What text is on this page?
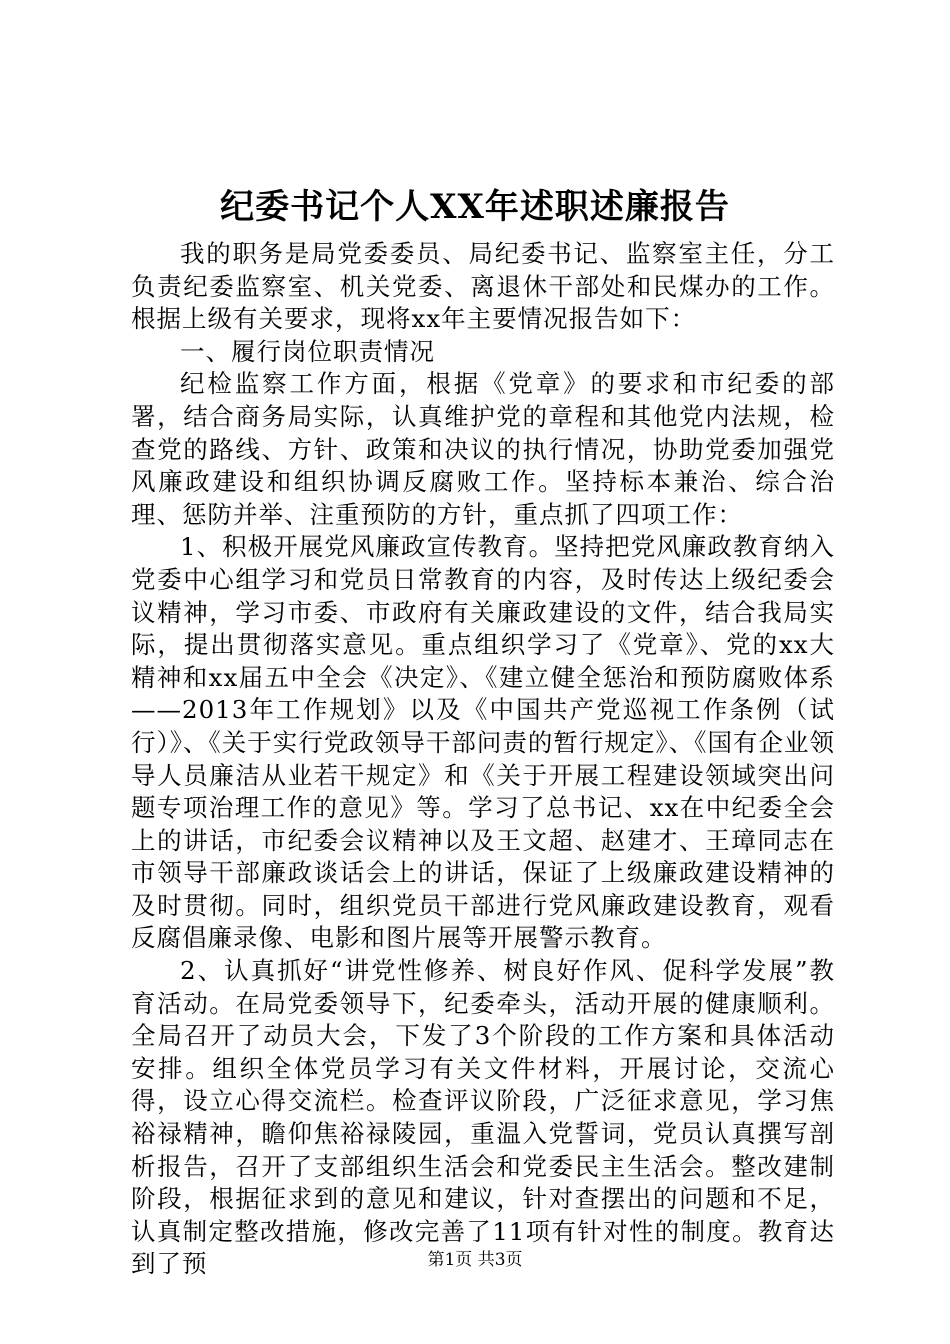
纪委书记个人XX年述职述廉报告

我的职务是局党委委员、局纪委书记、监察室主任，分工负责纪委监察室、机关党委、离退休干部处和民煤办的工作。根据上级有关要求，现将xx年主要情况报告如下：

一、履行岗位职责情况

纪检监察工作方面，根据《党章》的要求和市纪委的部署，结合商务局实际，认真维护党的章程和其他党内法规，检查党的路线、方针、政策和决议的执行情况，协助党委加强党风廉政建设和组织协调反腐败工作。坚持标本兼治、综合治理、惩防并举、注重预防的方针，重点抓了四项工作：

1、积极开展党风廉政宣传教育。坚持把党风廉政教育纳入党委中心组学习和党员日常教育的内容，及时传达上级纪委会议精神，学习市委、市政府有关廉政建设的文件，结合我局实际，提出贯彻落实意见。重点组织学习了《党章》、党的xx大精神和xx届五中全会《决定》、《建立健全惩治和预防腐败体系——2013年工作规划》以及《中国共产党巡视工作条例（试行）》、《关于实行党政领导干部问责的暂行规定》、《国有企业领导人员廉洁从业若干规定》和《关于开展工程建设领域突出问题专项治理工作的意见》等。学习了总书记、xx在中纪委全会上的讲话，市纪委会议精神以及王文超、赵建才、王璋同志在市领导干部廉政谈话会上的讲话，保证了上级廉政建设精神的及时贯彻。同时，组织党员干部进行党风廉政建设教育，观看反腐倡廉录像、电影和图片展等开展警示教育。

2、认真抓好“讲党性修养、树良好作风、促科学发展”教育活动。在局党委领导下，纪委牵头，活动开展的健康顺利。全局召开了动员大会，下发了3个阶段的工作方案和具体活动安排。组织全体党员学习有关文件材料，开展讨论，交流心得，设立心得交流栏。检查评议阶段，广泛征求意见，学习焦裕禄精神，瞻仰焦裕禄陵园，重温入党誓词，党员认真撰写剖析报告，召开了支部组织生活会和党委民主生活会。整改建制阶段，根据征求到的意见和建议，针对查摆出的问题和不足，认真制定整改措施，修改完善了11项有针对性的制度。教育达到了预	第1页 共3页
